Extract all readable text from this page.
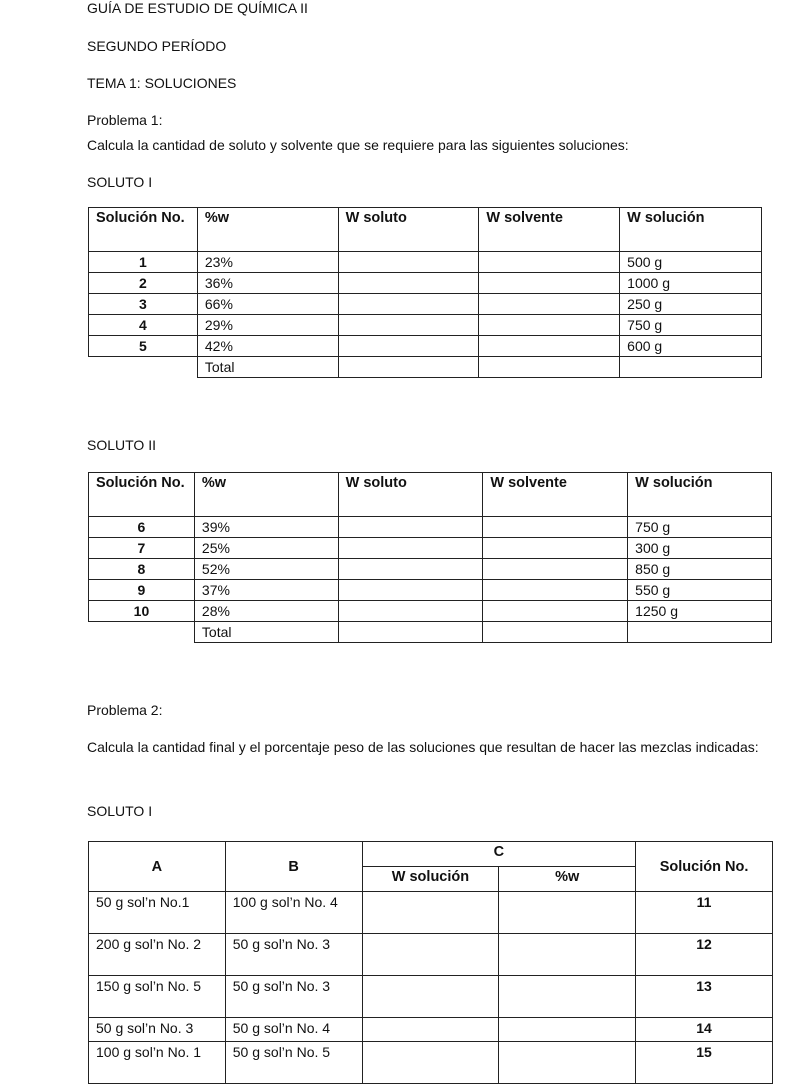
GUÍA DE ESTUDIO DE QUÍMICA II
SEGUNDO PERÍODO
TEMA 1: SOLUCIONES
Problema 1:
Calcula la cantidad de soluto y solvente que se requiere para las siguientes soluciones:
SOLUTO I
Solución No.	%w	W soluto	W solvente	W solución
1	23%			500 g
2	36%			1000 g
3	66%			250 g
4	29%			750 g
5	42%			600 g
	Total			
SOLUTO II
Solución No.	%w	W soluto	W solvente	W solución
6	39%			750 g
7	25%			300 g
8	52%			850 g
9	37%			550 g
10	28%			1250 g
	Total			
Problema 2:
Calcula la cantidad final y el porcentaje peso de las soluciones que resultan de hacer las mezclas indicadas:
SOLUTO I
A	B	C		Solución No.
		W solución	%w	
50 g sol’n No.1	100 g sol’n No. 4			11
200 g sol’n No. 2	50 g sol’n No. 3			12
150 g sol’n No. 5	50 g sol’n No. 3			13
50 g sol’n No. 3	50 g sol’n No. 4			14
100 g sol’n No. 1	50 g sol’n No. 5			15
